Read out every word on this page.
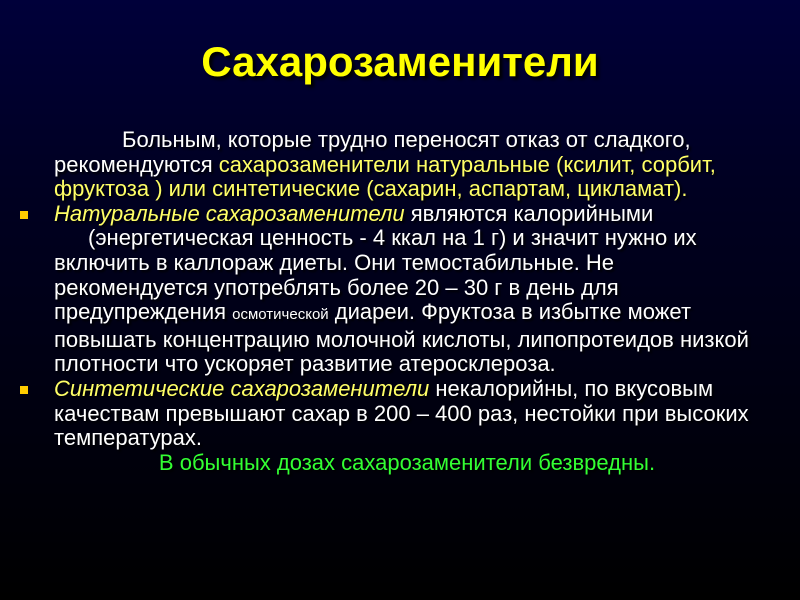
Сахарозаменители

Больным, которые трудно переносят отказ от сладкого, рекомендуются сахарозаменители натуральные (ксилит, сорбит, фруктоза ) или синтетические (сахарин, аспартам, цикламат).

Натуральные сахарозаменители являются калорийными

(энергетическая ценность - 4 ккал на 1 г) и значит нужно их включить в каллораж диеты. Они темостабильные. Не рекомендуется употреблять более 20 – 30 г в день для предупреждения осмотической диареи. Фруктоза в избытке может повышать концентрацию молочной кислоты, липопротеидов низкой плотности что ускоряет развитие атеросклероза.

Синтетические сахарозаменители некалорийны, по вкусовым качествам превышают сахар в 200 – 400 раз, нестойки при высоких температурах.

В обычных дозах сахарозаменители безвредны.
